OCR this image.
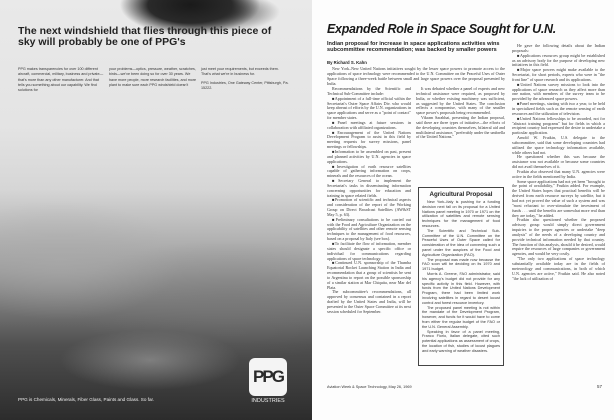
The next windshield that flies through this piece of sky will probably be one of PPG's

PPG makes transparencies for over 100 different aircraft, commercial, military, business and private—that's more than any other manufacturer. And that tells you something about our capability. We find solutions for

your problems—optics, pressure, weather, scratches, birds—we've been doing so for over 30 years. We have more people, more research facilities, and more plant to make sure each PPG windshield doesn't

just meet your requirements, but exceeds them. That's what we're in business for.

PPG Industries, One Gateway Center, Pittsburgh, Pa. 15222.

PPG is Chemicals, Minerals, Fiber Glass, Paints and Glass. So far.
PPG
INDUSTRIES
Expanded Role in Space Sought for U.N.
Indian proposal for increase in space applications activities wins subcommittee recommendation; was backed by smaller powers
By Richard S. Kahn

New York–New United Nations initiatives sought by the lesser space powers to promote access to the applications of space technology were recommended to the U.N. Committee on the Peaceful Uses of Outer Space following a three-week battle between small and large space powers over the proposal presented by India.

Recommendations by the Scientific and Technical Sub-Committee include:

■Appointment of a full-time official within the Secretariat's Outer Space Affairs Div. who would keep abreast of efforts by the U.N. organizations in space applications and serve as a "point of contact" for member states.

■Panel meetings at future sessions in collaboration with affiliated organizations.

■Encouragement of the United Nations Development Program to assist in this field by meeting requests for survey missions, panel meetings or fellowships.

■Information to be assembled on past, present and planned activities by U.N. agencies in space applications.

■Investigation of earth resource satellites capable of gathering information on crops, minerals and the resources of the ocean.

■Secretary General to implement the Secretariat's tasks in disseminating information concerning opportunities for education and training in space related fields.

■Promotion of scientific and technical aspects and consideration of the report of the Working Group on Direct Broadcast Satellites (AW&ST May 5, p. 63).

■Preliminary consultations to be carried out with the Food and Agriculture Organization on the applicability of satellites and other remote sensing techniques to the management of food resources, based on a proposal by Italy (see box).

■To facilitate the flow of information, member states should designate a specific office or individual for communications regarding applications of space technology.

■Continued U.N. sponsorship of the Thumba Equatorial Rocket Launching Station in India and recommendation that a group of scientists be sent to Argentina to report on the possible sponsorship of a similar station at Mar Chiquita, near Mar del Plata.

The subcommittee's recommendations, all approved by consensus and contained in a report drafted by the United States and India, will be presented to the Outer Space Committee at its next session scheduled for September.

It was debated whether a panel of experts and new technical assistance were required, as proposed by India, or whether existing machinery was sufficient, as suggested by the United States. The conclusion reflects a compromise, with many of the smaller space power's proposals being recommended.

Vikram Sarabhai, presenting the Indian proposal, said there are three types of initiative—the efforts of the developing countries themselves, bilateral aid and multilateral assistance, "preferably under the umbrella of the United Nations."

Agricultural Proposal

New York–Italy is pushing for a funding decision next fall on its proposal for a United Nations panel meeting in 1970 or 1971 on the utilization of satellites and remote sensing techniques for the management of food resources.

The Scientific and Technical Sub-Committee of the U.N. Committee on the Peaceful Uses of Outer Space called for consideration of the idea of convening such a panel under the auspices of the Food and Agriculture Organization (FAO).

The proposal was made now because the FAO soon will be deciding on its 1970 and 1971 budget.

Morris A. Greene, FAO administrator, said his agency's budget did not provide for any specific activity in this field. However, with funds from the United Nations Development Program, there had been limited work involving satellites in regard to desert locust control and forest resource inventory.

The proposed panel meeting is not within the mandate of the Development Program, however, and funds for it would have to come from either the regular budget of the FAO or the U.N. General Assembly.

Speaking in favor of a panel meeting, Franco Fiorio, Italian delegate, cited such potential applications as assessment of crops, the location of fish, studies of locust plagues and early warning of weather disasters.

He gave the following details about the Indian proposals:

■Applications resources group might be established as an advisory body for the purpose of developing new initiatives in this field.

■Major space powers might make available to the Secretariat, for short periods, experts who were in "the front line" of space research and its applications.

■United Nations survey missions to look into the applications of space research as they affect more than one nation, with members of the survey team to be provided by the advanced space powers.

■Panel meetings, starting with two a year, to be held in specialized fields such as the remote sensing of earth resources and the utilization of television.

■United Nations fellowships to be awarded, not for "abstract training programs" but for fields in which a recipient country had expressed the desire to undertake a particular application.

Arnold W. Frutkin, U.S. delegate to the subcommittee, said that some developing countries had utilized the space technology information available, while others had not.

He questioned whether this was because the assistance was not available or because some countries did not avail themselves of it.

Frutkin also observed that many U.N. agencies were active in the fields mentioned by India.

Some space applications had not yet been "brought to the point of availability," Frutkin added. For example, the United States hopes that practical benefits will be derived from earth resource surveys by satellite, but it had not yet proved the value of such a system and was "most reluctant to over-stimulate the investment of funds . . . until the benefits are somewhat more real than they are today," he added.

Frutkin also questioned whether the proposed advisory group would simply direct government inquiries to the proper agencies or undertake "deep analysis" of the needs of a developing country and provide technical information needed by that country. The function of this analysis, should it be desired, would require the resources of large companies or government agencies, and would be very costly.

"The only two applications of space technology substantially available today are in the fields of meteorology and communications, in both of which U.N. agencies are active," Frutkin said. He also noted "the lack of utilization of

Aviation Week & Space Technology, May 26, 1969	57
